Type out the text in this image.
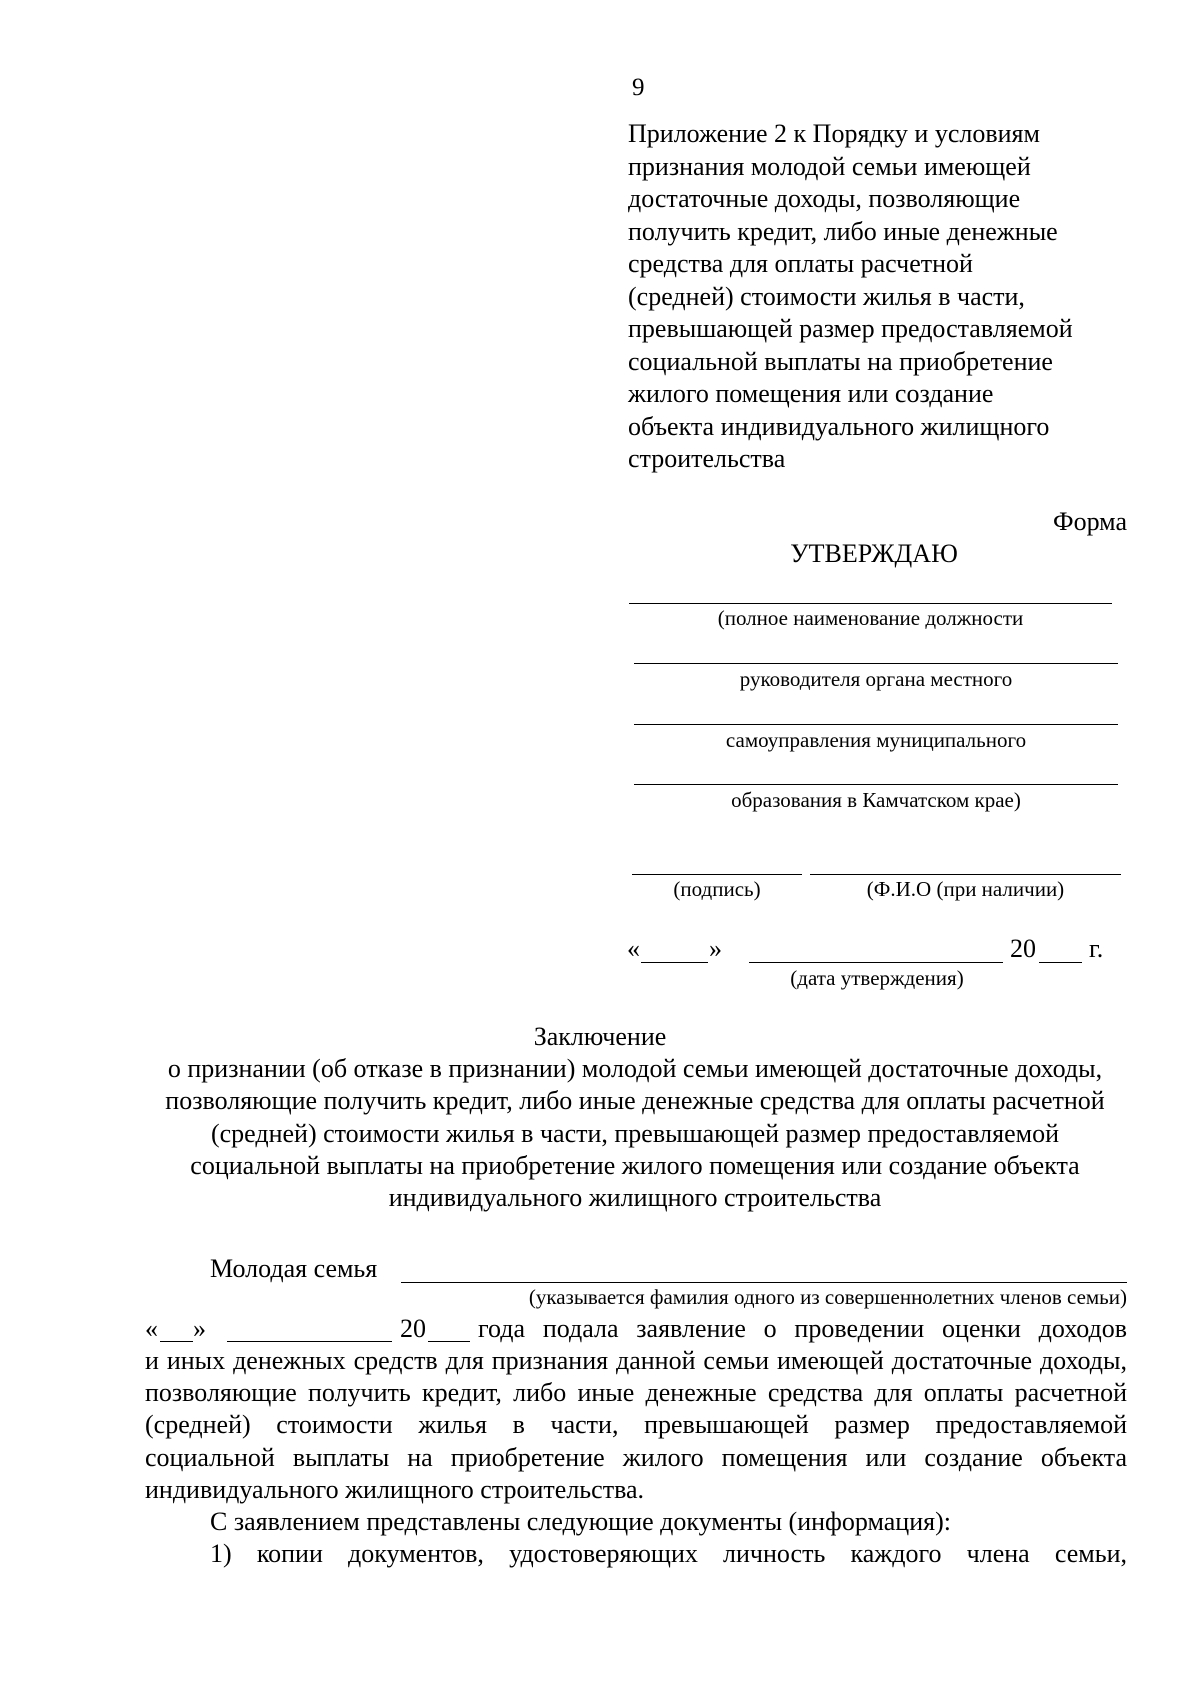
9
Приложение 2 к Порядку и условиям
признания молодой семьи имеющей
достаточные доходы, позволяющие
получить кредит, либо иные денежные
средства для оплаты расчетной
(средней) стоимости жилья в части,
превышающей размер предоставляемой
социальной выплаты на приобретение
жилого помещения или создание
объекта индивидуального жилищного
строительства
Форма
УТВЕРЖДАЮ
(полное наименование должности
руководителя органа местного
самоуправления муниципального
образования в Камчатском крае)
(подпись)	(Ф.И.О (при наличии)
«	»	20 г.
(дата утверждения)
Заключение
о признании (об отказе в признании) молодой семьи имеющей достаточные доходы, позволяющие получить кредит, либо иные денежные средства для оплаты расчетной (средней) стоимости жилья в части, превышающей размер предоставляемой социальной выплаты на приобретение жилого помещения или создание объекта индивидуального жилищного строительства
Молодая семья
(указывается фамилия одного из совершеннолетних членов семьи)
« »	20 года подала заявление о проведении оценки доходов

и иных денежных средств для признания данной семьи имеющей достаточные доходы, позволяющие получить кредит, либо иные денежные средства для оплаты расчетной (средней) стоимости жилья в части, превышающей размер предоставляемой социальной выплаты на приобретение жилого помещения или создание объекта индивидуального жилищного строительства.

С заявлением представлены следующие документы (информация):
1) копии документов, удостоверяющих личность каждого члена семьи,
